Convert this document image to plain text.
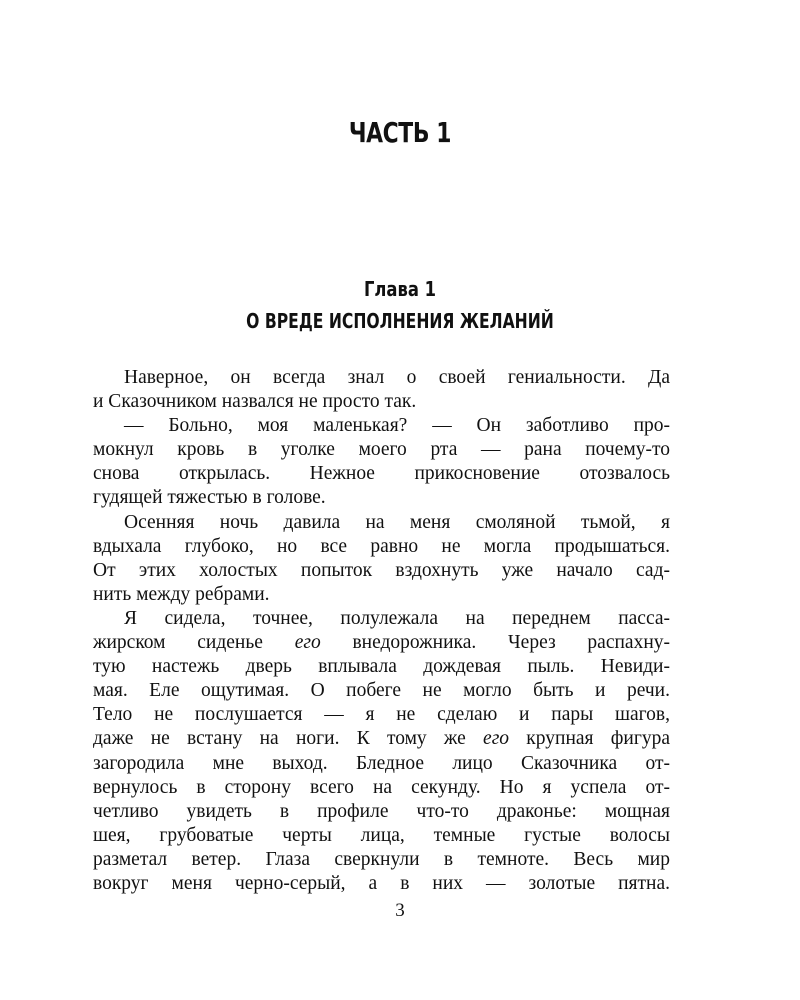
ЧАСТЬ 1
Глава 1
О ВРЕДЕ ИСПОЛНЕНИЯ ЖЕЛАНИЙ
Наверное, он всегда знал о своей гениальности. Да
и Сказочником назвался не просто так.
— Больно, моя маленькая? — Он заботливо про-
мокнул кровь в уголке моего рта — рана почему-то
снова открылась. Нежное прикосновение отозвалось
гудящей тяжестью в голове.
Осенняя ночь давила на меня смоляной тьмой, я
вдыхала глубоко, но все равно не могла продышаться.
От этих холостых попыток вздохнуть уже начало сад-
нить между ребрами.
Я сидела, точнее, полулежала на переднем пасса-
жирском сиденье его внедорожника. Через распахну-
тую настежь дверь вплывала дождевая пыль. Невиди-
мая. Еле ощутимая. О побеге не могло быть и речи.
Тело не послушается — я не сделаю и пары шагов,
даже не встану на ноги. К тому же его крупная фигура
загородила мне выход. Бледное лицо Сказочника от-
вернулось в сторону всего на секунду. Но я успела от-
четливо увидеть в профиле что-то драконье: мощная
шея, грубоватые черты лица, темные густые волосы
разметал ветер. Глаза сверкнули в темноте. Весь мир
вокруг меня черно-серый, а в них — золотые пятна.
3
